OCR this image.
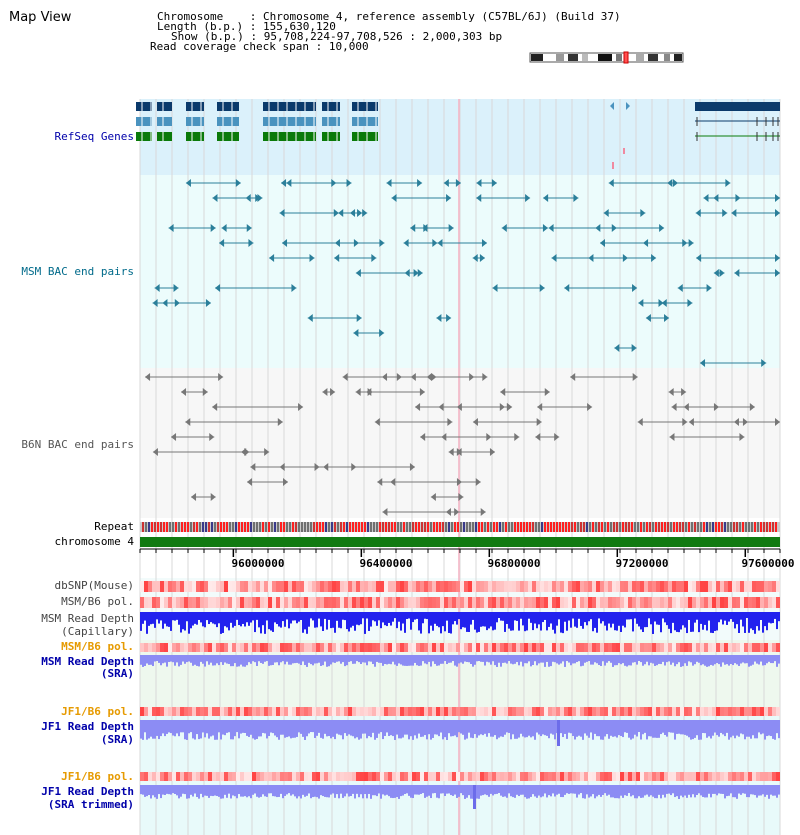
Map View	Chromosome    : Chromosome 4, reference assembly (C57BL/6J) (Build 37)
Length (b.p.) : 155,630,120
Show (b.p.) : 95,708,224-97,708,526 : 2,000,303 bp
Read coverage check span : 10,000
96000000	96400000	96800000	97200000	97600000
RefSeq Genes
MSM BAC end pairs
B6N BAC end pairs
Repeat
chromosome 4
dbSNP(Mouse)
MSM/B6 pol.
MSM Read Depth
(Capillary)
MSM/B6 pol.
MSM Read Depth
(SRA)
JF1/B6 pol.
JF1 Read Depth
(SRA)
JF1/B6 pol.
JF1 Read Depth
(SRA trimmed)
